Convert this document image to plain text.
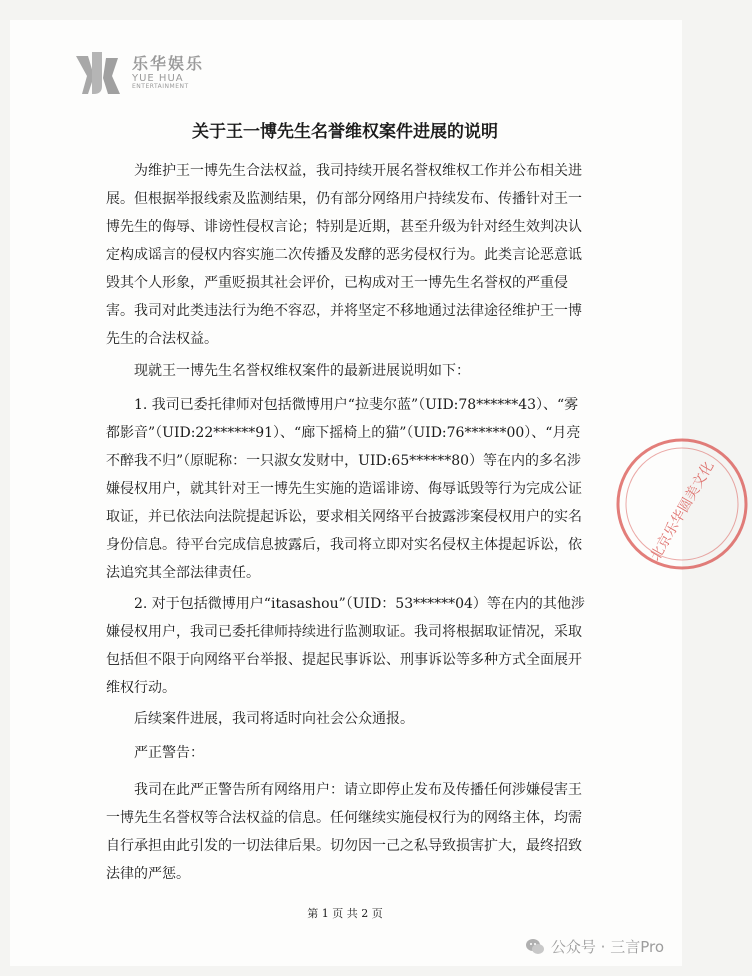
乐华娱乐
YUE HUA
ENTERTAINMENT
关于王一博先生名誉维权案件进展的说明

为维护王一博先生合法权益，我司持续开展名誉权维权工作并公布相关进展。但根据举报线索及监测结果，仍有部分网络用户持续发布、传播针对王一博先生的侮辱、诽谤性侵权言论；特别是近期，甚至升级为针对经生效判决认定构成谣言的侵权内容实施二次传播及发酵的恶劣侵权行为。此类言论恶意诋毁其个人形象，严重贬损其社会评价，已构成对王一博先生名誉权的严重侵害。我司对此类违法行为绝不容忍，并将坚定不移地通过法律途径维护王一博先生的合法权益。

现就王一博先生名誉权维权案件的最新进展说明如下：

1. 我司已委托律师对包括微博用户“拉斐尔蓝”（UID:78******43）、“雾都影音”（UID:22******91）、“廊下摇椅上的猫”（UID:76******00）、“月亮不醉我不归”（原昵称：一只淑女发财中，UID:65******80）等在内的多名涉嫌侵权用户，就其针对王一博先生实施的造谣诽谤、侮辱诋毁等行为完成公证取证，并已依法向法院提起诉讼，要求相关网络平台披露涉案侵权用户的实名身份信息。待平台完成信息披露后，我司将立即对实名侵权主体提起诉讼，依法追究其全部法律责任。

2. 对于包括微博用户“itasashou”（UID：53******04）等在内的其他涉嫌侵权用户，我司已委托律师持续进行监测取证。我司将根据取证情况，采取包括但不限于向网络平台举报、提起民事诉讼、刑事诉讼等多种方式全面展开维权行动。

后续案件进展，我司将适时向社会公众通报。

严正警告：

我司在此严正警告所有网络用户：请立即停止发布及传播任何涉嫌侵害王一博先生名誉权等合法权益的信息。任何继续实施侵权行为的网络主体，均需自行承担由此引发的一切法律后果。切勿因一己之私导致损害扩大，最终招致法律的严惩。

北京乐华圆美文化
第 1 页 共 2 页
公众号 · 三言Pro
